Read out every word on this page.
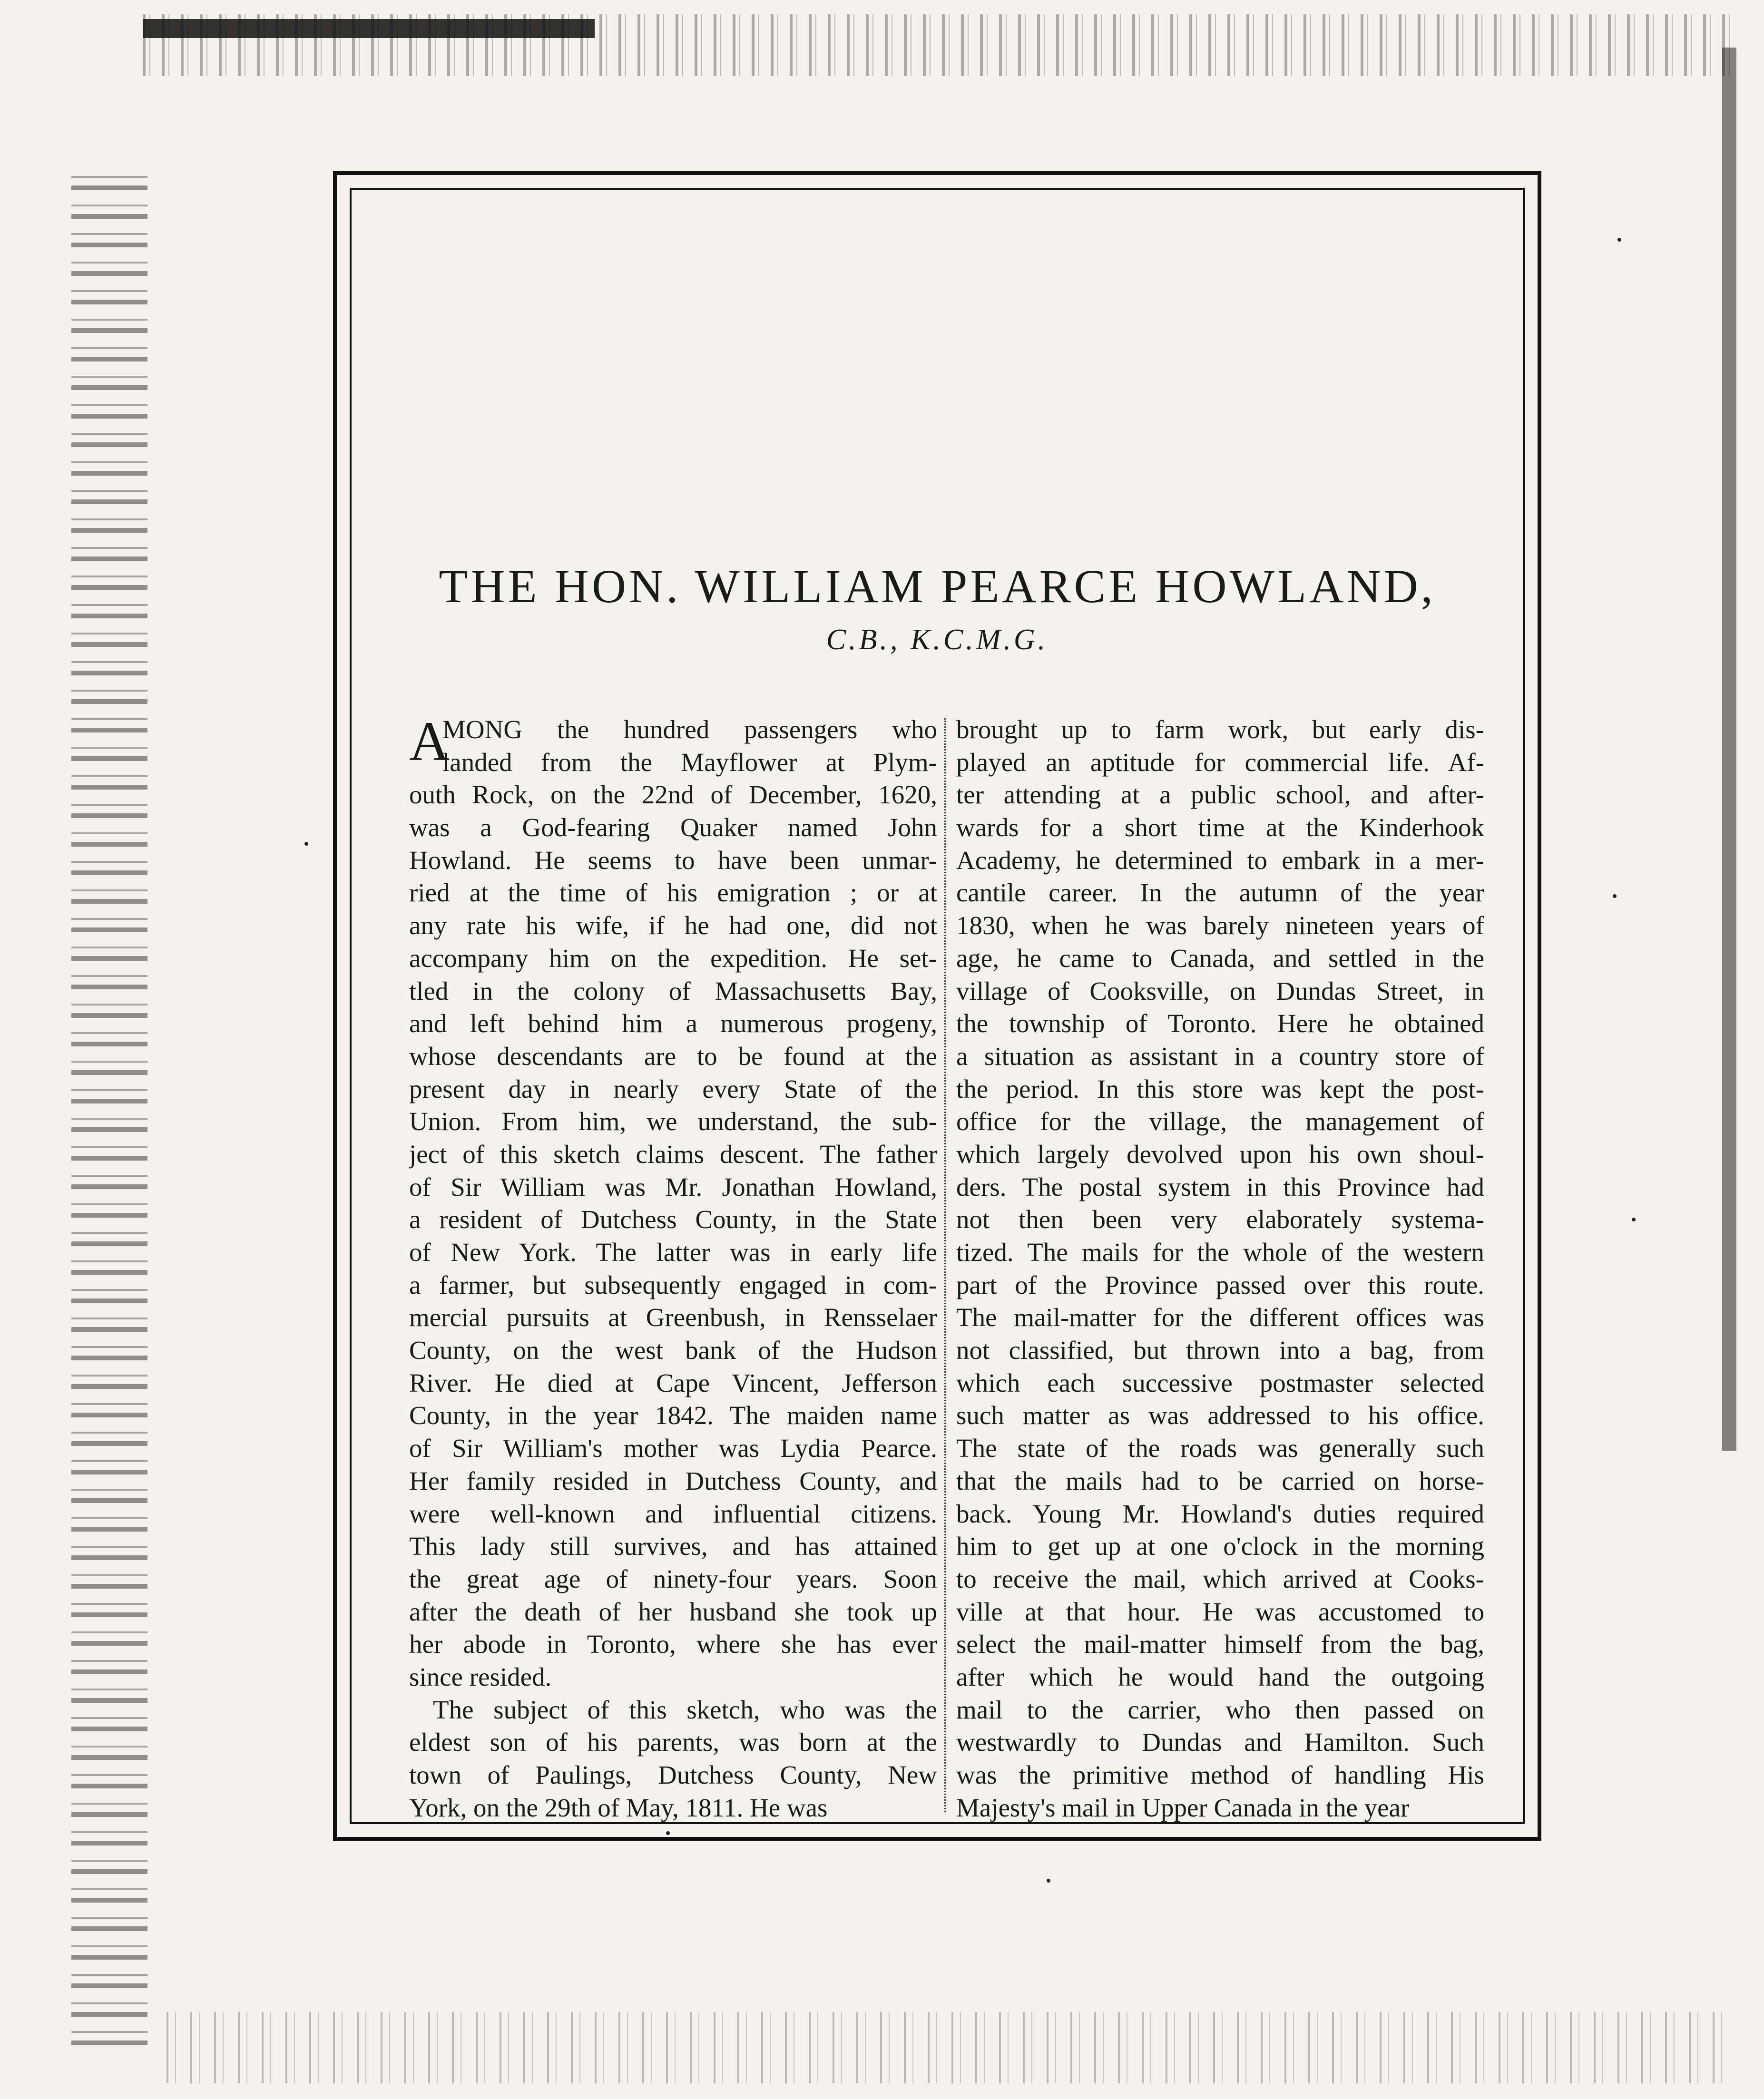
THE HON. WILLIAM PEARCE HOWLAND,
C.B., K.C.M.G.
A
MONG the hundred passengers who
landed from the Mayflower at Plym-
outh Rock, on the 22nd of December, 1620,
was a God-fearing Quaker named John
Howland. He seems to have been unmar-
ried at the time of his emigration ; or at
any rate his wife, if he had one, did not
accompany him on the expedition. He set-
tled in the colony of Massachusetts Bay,
and left behind him a numerous progeny,
whose descendants are to be found at the
present day in nearly every State of the
Union. From him, we understand, the sub-
ject of this sketch claims descent. The father
of Sir William was Mr. Jonathan Howland,
a resident of Dutchess County, in the State
of New York. The latter was in early life
a farmer, but subsequently engaged in com-
mercial pursuits at Greenbush, in Rensselaer
County, on the west bank of the Hudson
River. He died at Cape Vincent, Jefferson
County, in the year 1842. The maiden name
of Sir William's mother was Lydia Pearce.
Her family resided in Dutchess County, and
were well-known and influential citizens.
This lady still survives, and has attained
the great age of ninety-four years. Soon
after the death of her husband she took up
her abode in Toronto, where she has ever
since resided.
The subject of this sketch, who was the
eldest son of his parents, was born at the
town of Paulings, Dutchess County, New
York, on the 29th of May, 1811. He was
brought up to farm work, but early dis-
played an aptitude for commercial life. Af-
ter attending at a public school, and after-
wards for a short time at the Kinderhook
Academy, he determined to embark in a mer-
cantile career. In the autumn of the year
1830, when he was barely nineteen years of
age, he came to Canada, and settled in the
village of Cooksville, on Dundas Street, in
the township of Toronto. Here he obtained
a situation as assistant in a country store of
the period. In this store was kept the post-
office for the village, the management of
which largely devolved upon his own shoul-
ders. The postal system in this Province had
not then been very elaborately systema-
tized. The mails for the whole of the western
part of the Province passed over this route.
The mail-matter for the different offices was
not classified, but thrown into a bag, from
which each successive postmaster selected
such matter as was addressed to his office.
The state of the roads was generally such
that the mails had to be carried on horse-
back. Young Mr. Howland's duties required
him to get up at one o'clock in the morning
to receive the mail, which arrived at Cooks-
ville at that hour. He was accustomed to
select the mail-matter himself from the bag,
after which he would hand the outgoing
mail to the carrier, who then passed on
westwardly to Dundas and Hamilton. Such
was the primitive method of handling His
Majesty's mail in Upper Canada in the year
